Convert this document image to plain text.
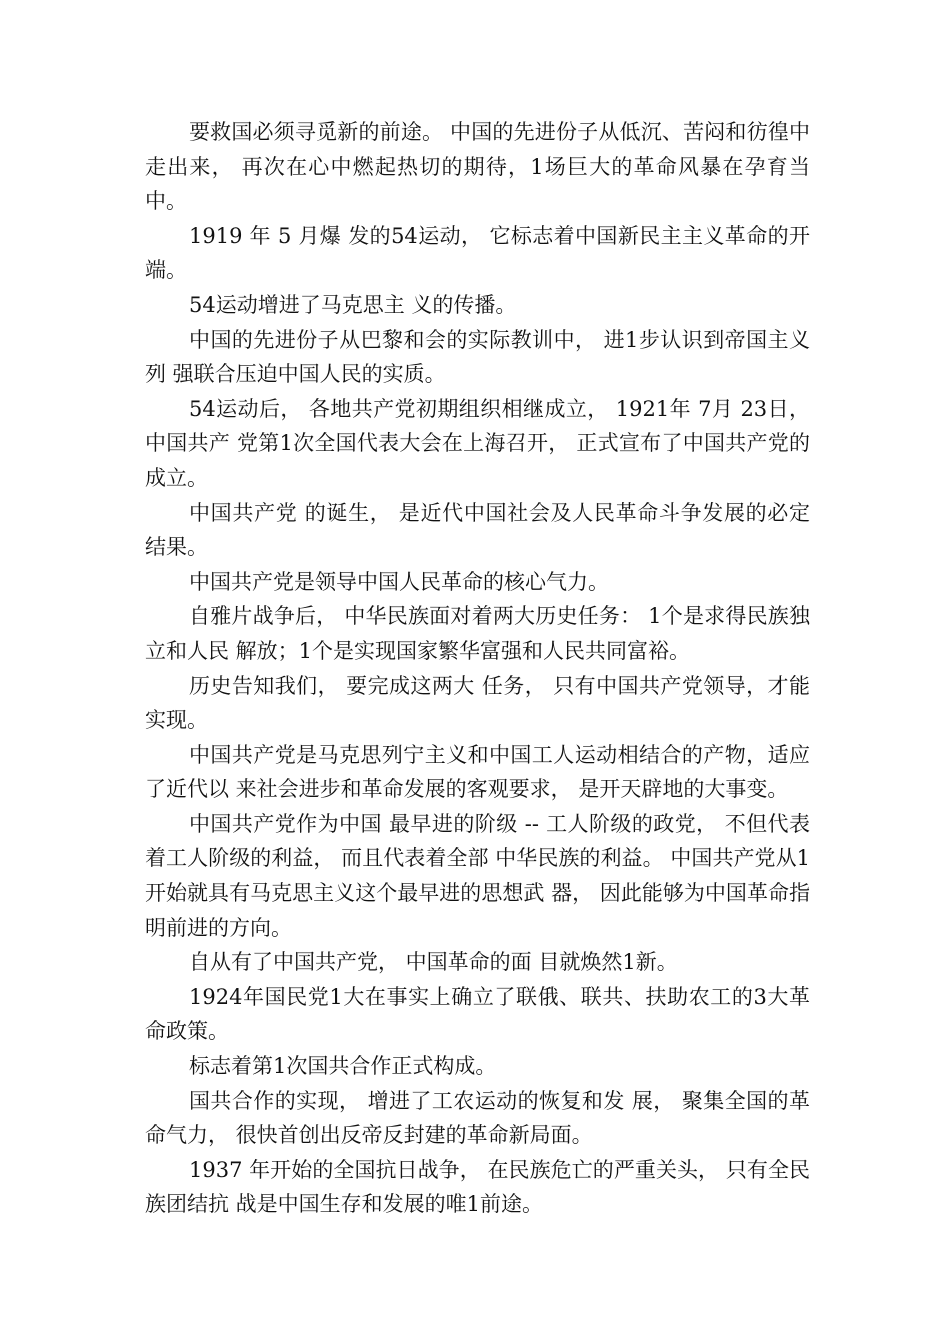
要救国必须寻觅新的前途。 中国的先进份子从低沉、苦闷和彷徨中走出来， 再次在心中燃起热切的期待，1场巨大的革命风暴在孕育当中。

1919 年 5 月爆 发的54运动， 它标志着中国新民主主义革命的开端。

54运动增进了马克思主 义的传播。

中国的先进份子从巴黎和会的实际教训中， 进1步认识到帝国主义列 强联合压迫中国人民的实质。

54运动后， 各地共产党初期组织相继成立， 1921年 7月 23日， 中国共产 党第1次全国代表大会在上海召开， 正式宣布了中国共产党的成立。

中国共产党 的诞生， 是近代中国社会及人民革命斗争发展的必定结果。

中国共产党是领导中国人民革命的核心气力。

自雅片战争后， 中华民族面对着两大历史任务： 1个是求得民族独立和人民 解放；1个是实现国家繁华富强和人民共同富裕。

历史告知我们， 要完成这两大 任务， 只有中国共产党领导，才能实现。

中国共产党是马克思列宁主义和中国工人运动相结合的产物，适应了近代以 来社会进步和革命发展的客观要求， 是开天辟地的大事变。

中国共产党作为中国 最早进的阶级 -- 工人阶级的政党， 不但代表着工人阶级的利益， 而且代表着全部 中华民族的利益。 中国共产党从1开始就具有马克思主义这个最早进的思想武 器， 因此能够为中国革命指明前进的方向。

自从有了中国共产党， 中国革命的面 目就焕然1新。

1924年国民党1大在事实上确立了联俄、联共、扶助农工的3大革命政策。

标志着第1次国共合作正式构成。

国共合作的实现， 增进了工农运动的恢复和发 展， 聚集全国的革命气力， 很快首创出反帝反封建的革命新局面。

1937 年开始的全国抗日战争， 在民族危亡的严重关头， 只有全民族团结抗 战是中国生存和发展的唯1前途。
